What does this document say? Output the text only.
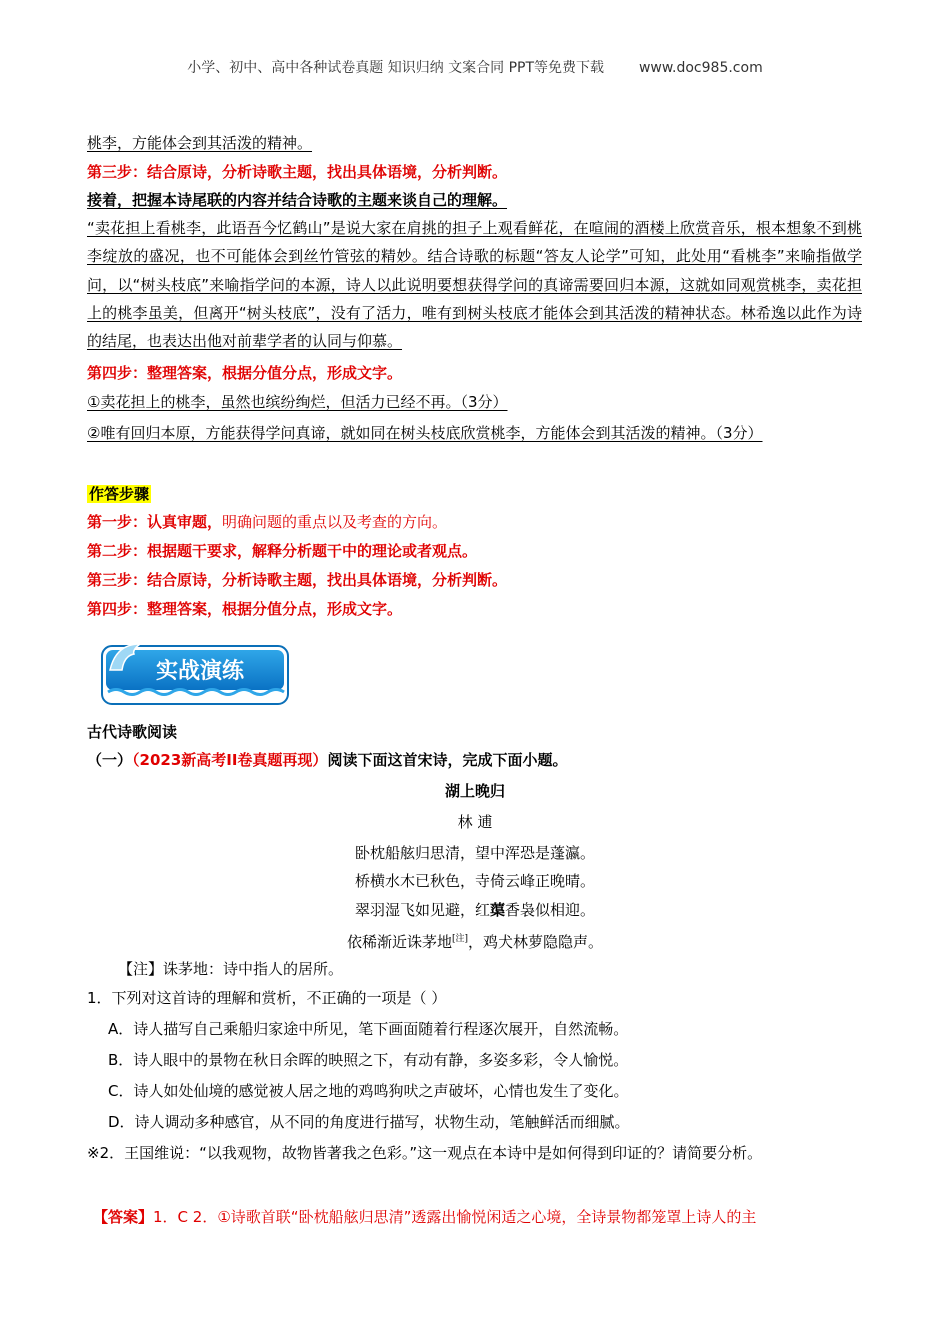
小学、初中、高中各种试卷真题 知识归纳 文案合同 PPT等免费下载 www.doc985.com
桃李，方能体会到其活泼的精神。
第三步：结合原诗，分析诗歌主题，找出具体语境，分析判断。
接着，把握本诗尾联的内容并结合诗歌的主题来谈自己的理解。
“卖花担上看桃李，此语吾今忆鹤山”是说大家在肩挑的担子上观看鲜花，在喧闹的酒楼上欣赏音乐，根本想象不到桃李绽放的盛况，也不可能体会到丝竹管弦的精妙。结合诗歌的标题“答友人论学”可知，此处用“看桃李”来喻指做学问，以“树头枝底”来喻指学问的本源，诗人以此说明要想获得学问的真谛需要回归本源，这就如同观赏桃李，卖花担上的桃李虽美，但离开“树头枝底”，没有了活力，唯有到树头枝底才能体会到其活泼的精神状态。林希逸以此作为诗的结尾，也表达出他对前辈学者的认同与仰慕。
第四步：整理答案，根据分值分点，形成文字。
①卖花担上的桃李，虽然也缤纷绚烂，但活力已经不再。（3分）
②唯有回归本原，方能获得学问真谛，就如同在树头枝底欣赏桃李，方能体会到其活泼的精神。（3分）
作答步骤
第一步：认真审题，明确问题的重点以及考查的方向。
第二步：根据题干要求，解释分析题干中的理论或者观点。
第三步：结合原诗，分析诗歌主题，找出具体语境，分析判断。
第四步：整理答案，根据分值分点，形成文字。
实战演练
古代诗歌阅读
（一）（2023新高考II卷真题再现）阅读下面这首宋诗，完成下面小题。
湖上晚归
林 逋
卧枕船舷归思清，望中浑恐是蓬瀛。
桥横水木已秋色，寺倚云峰正晚晴。
翠羽湿飞如见避，红蕖香袅似相迎。
依稀渐近诛茅地[注]，鸡犬林萝隐隐声。
【注】诛茅地：诗中指人的居所。
1．下列对这首诗的理解和赏析，不正确的一项是（ ）
A．诗人描写自己乘船归家途中所见，笔下画面随着行程逐次展开，自然流畅。
B．诗人眼中的景物在秋日余晖的映照之下，有动有静，多姿多彩，令人愉悦。
C．诗人如处仙境的感觉被人居之地的鸡鸣狗吠之声破坏，心情也发生了变化。
D．诗人调动多种感官，从不同的角度进行描写，状物生动，笔触鲜活而细腻。
※2．王国维说：“以我观物，故物皆著我之色彩。”这一观点在本诗中是如何得到印证的？请简要分析。
【答案】1．C 2．①诗歌首联“卧枕船舷归思清”透露出愉悦闲适之心境，全诗景物都笼罩上诗人的主
